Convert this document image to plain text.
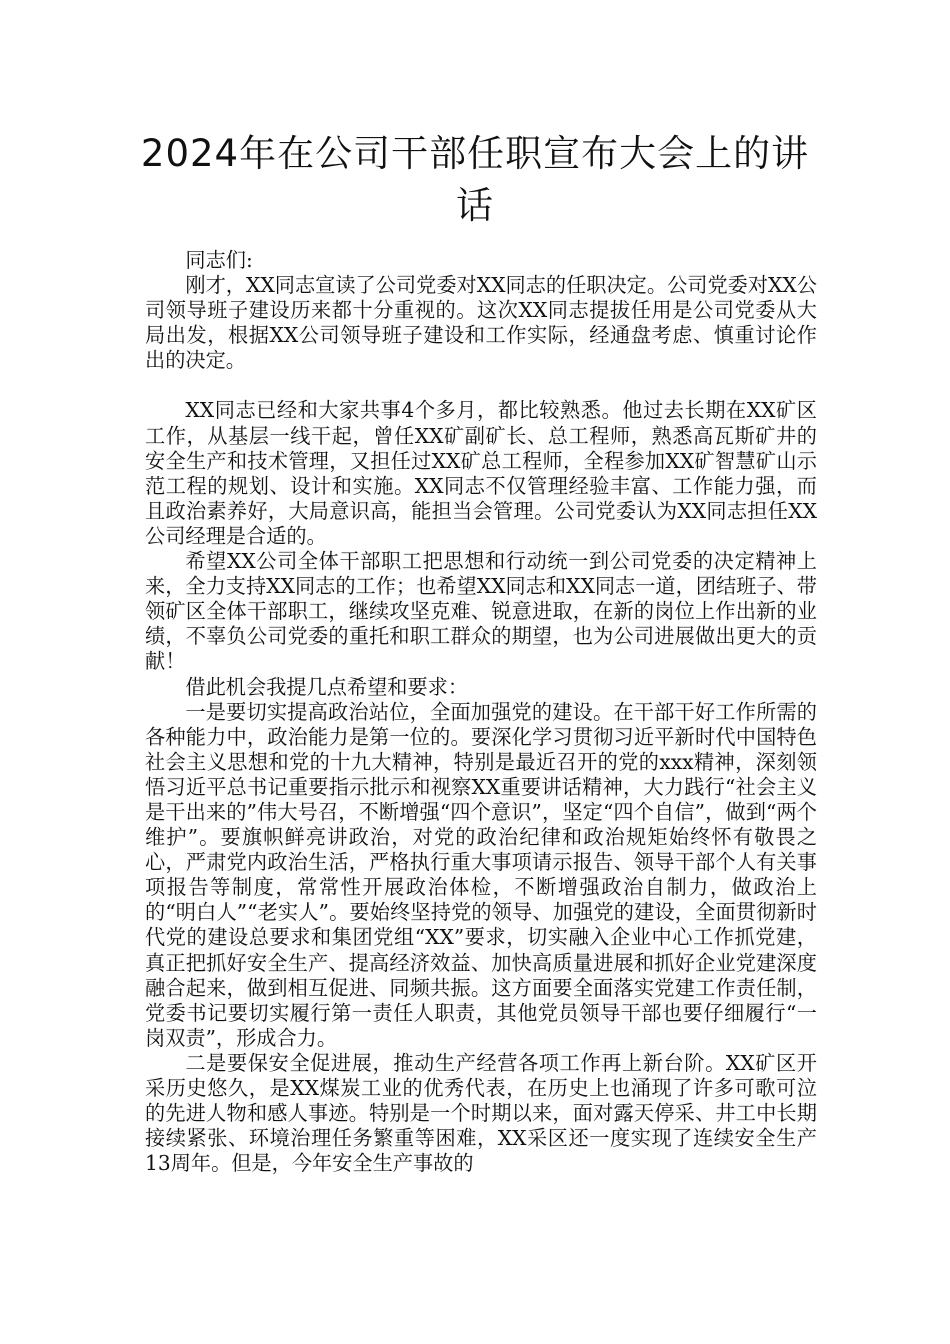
2024年在公司干部任职宣布大会上的讲话

同志们:

刚才，XX同志宣读了公司党委对XX同志的任职决定。公司党委对XX公司领导班子建设历来都十分重视的。这次XX同志提拔任用是公司党委从大局出发，根据XX公司领导班子建设和工作实际，经通盘考虑、慎重讨论作出的决定。

XX同志已经和大家共事4个多月，都比较熟悉。他过去长期在XX矿区工作，从基层一线干起，曾任XX矿副矿长、总工程师，熟悉高瓦斯矿井的安全生产和技术管理，又担任过XX矿总工程师，全程参加XX矿智慧矿山示范工程的规划、设计和实施。XX同志不仅管理经验丰富、工作能力强，而且政治素养好，大局意识高，能担当会管理。公司党委认为XX同志担任XX公司经理是合适的。

希望XX公司全体干部职工把思想和行动统一到公司党委的决定精神上来，全力支持XX同志的工作；也希望XX同志和XX同志一道，团结班子、带领矿区全体干部职工，继续攻坚克难、锐意进取，在新的岗位上作出新的业绩，不辜负公司党委的重托和职工群众的期望，也为公司进展做出更大的贡献！

借此机会我提几点希望和要求：

一是要切实提高政治站位，全面加强党的建设。在干部干好工作所需的各种能力中，政治能力是第一位的。要深化学习贯彻习近平新时代中国特色社会主义思想和党的十九大精神，特别是最近召开的党的xxx精神，深刻领悟习近平总书记重要指示批示和视察XX重要讲话精神，大力践行“社会主义是干出来的”伟大号召，不断增强“四个意识”，坚定“四个自信”，做到“两个维护”。要旗帜鲜亮讲政治，对党的政治纪律和政治规矩始终怀有敬畏之心，严肃党内政治生活，严格执行重大事项请示报告、领导干部个人有关事项报告等制度，常常性开展政治体检，不断增强政治自制力，做政治上的“明白人”“老实人”。要始终坚持党的领导、加强党的建设，全面贯彻新时代党的建设总要求和集团党组“XX”要求，切实融入企业中心工作抓党建，真正把抓好安全生产、提高经济效益、加快高质量进展和抓好企业党建深度融合起来，做到相互促进、同频共振。这方面要全面落实党建工作责任制，党委书记要切实履行第一责任人职责，其他党员领导干部也要仔细履行“一岗双责”，形成合力。

二是要保安全促进展，推动生产经营各项工作再上新台阶。XX矿区开采历史悠久，是XX煤炭工业的优秀代表，在历史上也涌现了许多可歌可泣的先进人物和感人事迹。特别是一个时期以来，面对露天停采、井工中长期接续紧张、环境治理任务繁重等困难，XX采区还一度实现了连续安全生产13周年。但是，今年安全生产事故的
